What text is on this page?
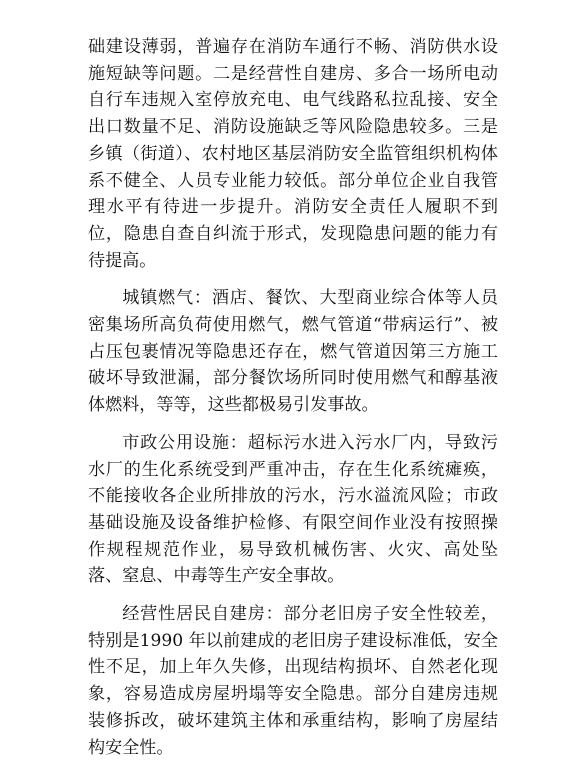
础建设薄弱，普遍存在消防车通行不畅、消防供水设施短缺等问题。二是经营性自建房、多合一场所电动自行车违规入室停放充电、电气线路私拉乱接、安全出口数量不足、消防设施缺乏等风险隐患较多。三是乡镇（街道）、农村地区基层消防安全监管组织机构体系不健全、人员专业能力较低。部分单位企业自我管理水平有待进一步提升。消防安全责任人履职不到位，隐患自查自纠流于形式，发现隐患问题的能力有待提高。

城镇燃气：酒店、餐饮、大型商业综合体等人员密集场所高负荷使用燃气，燃气管道“带病运行”、被占压包裹情况等隐患还存在，燃气管道因第三方施工破坏导致泄漏，部分餐饮场所同时使用燃气和醇基液体燃料，等等，这些都极易引发事故。

市政公用设施：超标污水进入污水厂内，导致污水厂的生化系统受到严重冲击，存在生化系统瘫痪，不能接收各企业所排放的污水，污水溢流风险；市政基础设施及设备维护检修、有限空间作业没有按照操作规程规范作业，易导致机械伤害、火灾、高处坠落、窒息、中毒等生产安全事故。

经营性居民自建房：部分老旧房子安全性较差，特别是1990 年以前建成的老旧房子建设标准低，安全性不足，加上年久失修，出现结构损坏、自然老化现象，容易造成房屋坍塌等安全隐患。部分自建房违规装修拆改，破坏建筑主体和承重结构，影响了房屋结构安全性。
